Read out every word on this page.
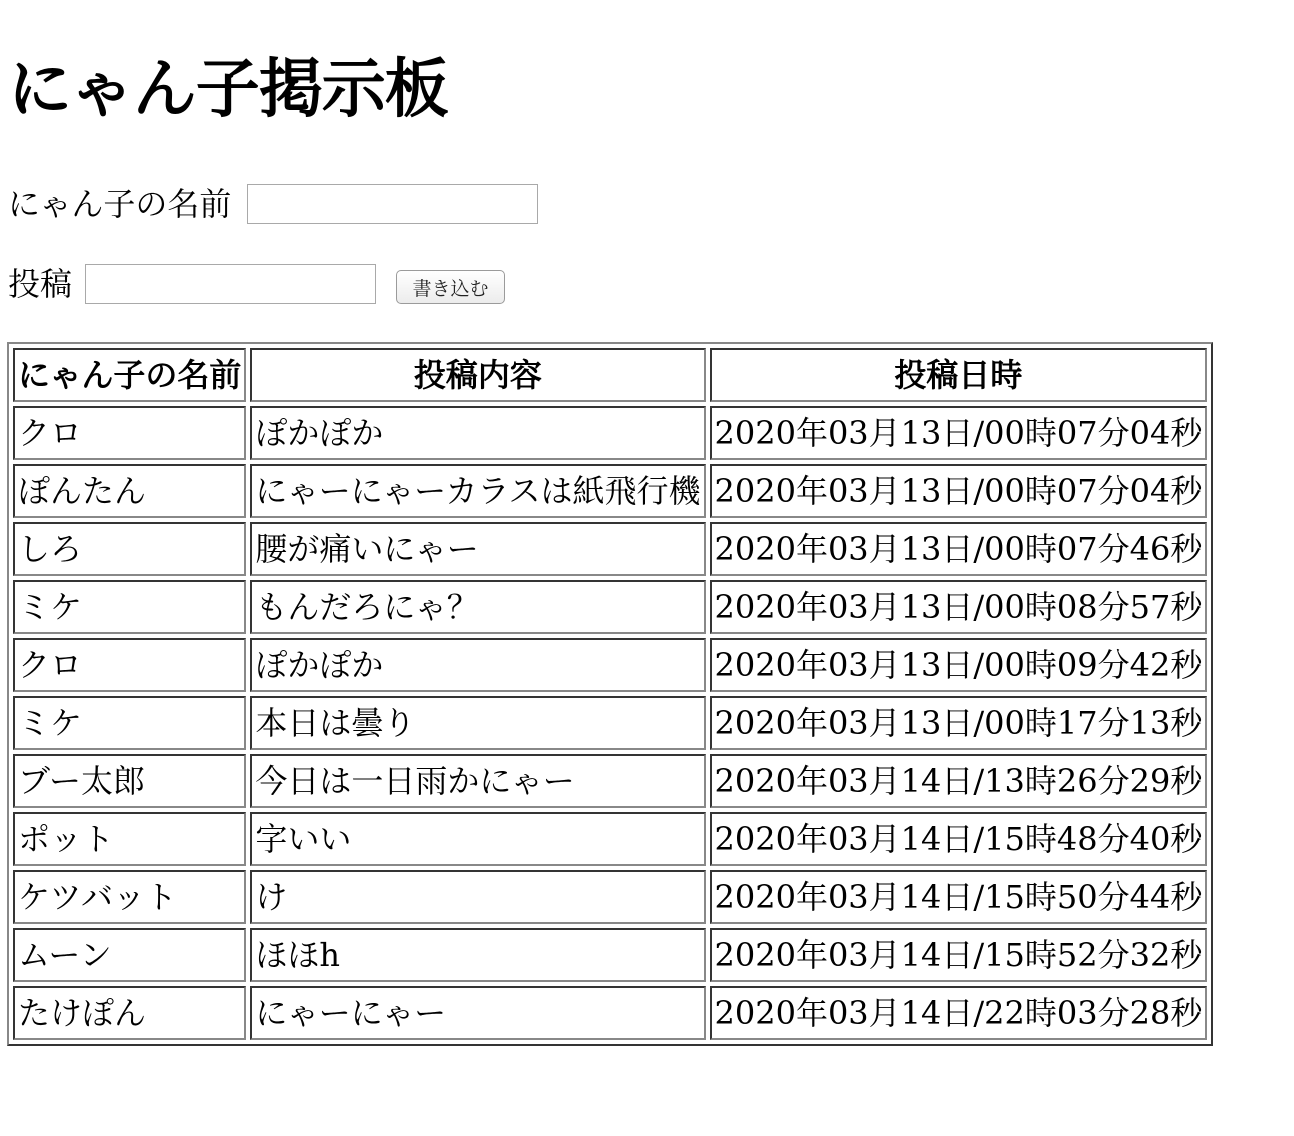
にゃん子掲示板
にゃん子の名前
投稿	書き込む
にゃん子の名前	投稿内容	投稿日時
クロ	ぽかぽか	2020年03月13日/00時07分04秒
ぽんたん	にゃーにゃーカラスは紙飛行機	2020年03月13日/00時07分04秒
しろ	腰が痛いにゃー	2020年03月13日/00時07分46秒
ミケ	もんだろにゃ？	2020年03月13日/00時08分57秒
クロ	ぽかぽか	2020年03月13日/00時09分42秒
ミケ	本日は曇り	2020年03月13日/00時17分13秒
ブー太郎	今日は一日雨かにゃー	2020年03月14日/13時26分29秒
ポット	字いい	2020年03月14日/15時48分40秒
ケツバット	け	2020年03月14日/15時50分44秒
ムーン	ほほh	2020年03月14日/15時52分32秒
たけぽん	にゃーにゃー	2020年03月14日/22時03分28秒
